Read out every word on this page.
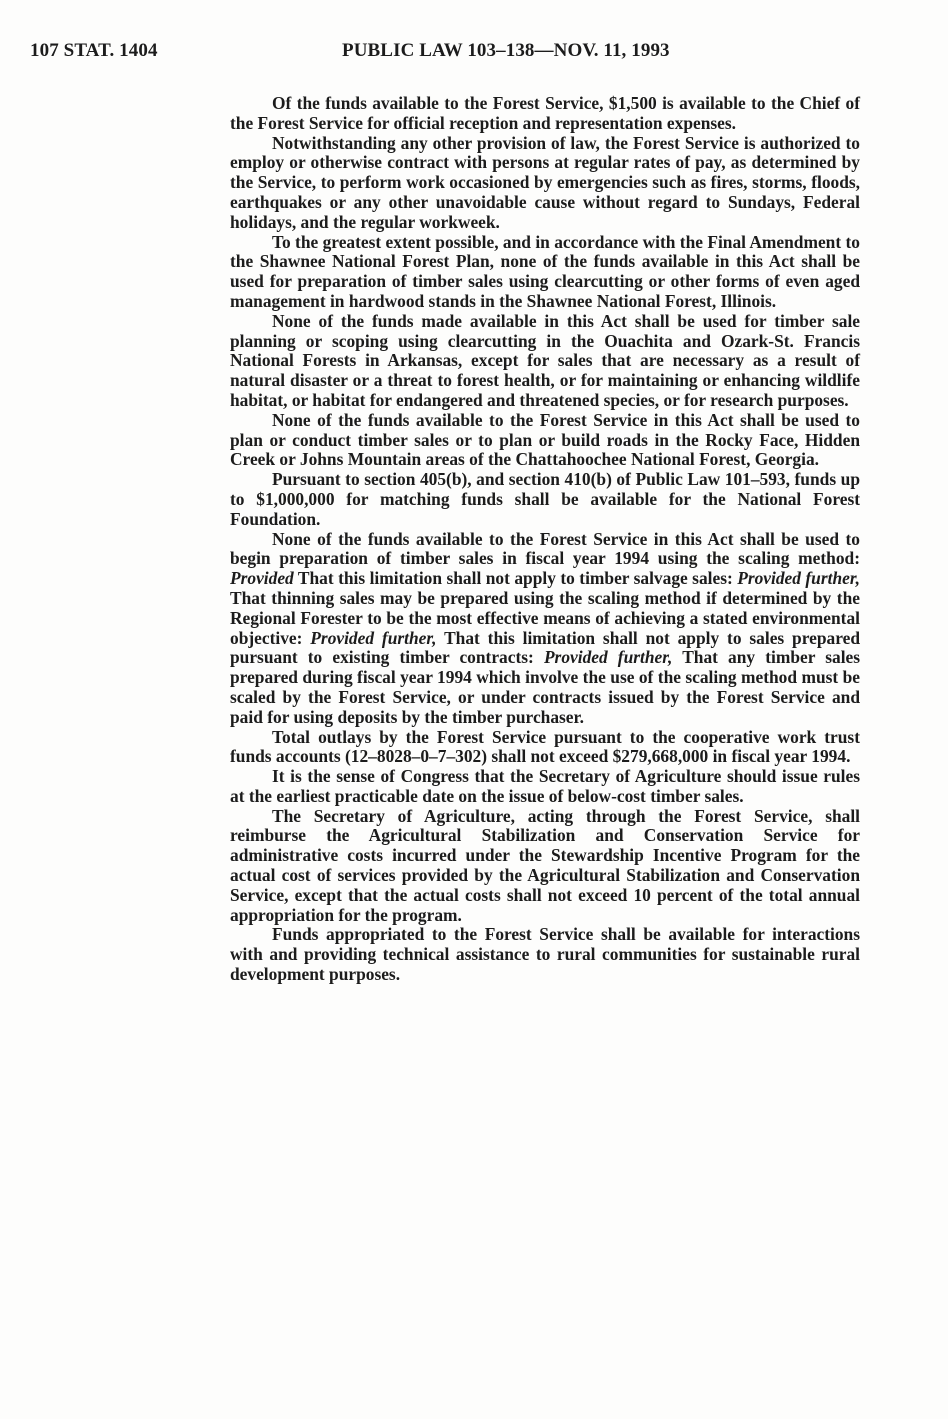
107 STAT. 1404	PUBLIC LAW 103–138—NOV. 11, 1993

Of the funds available to the Forest Service, $1,500 is available to the Chief of the Forest Service for official reception and representation expenses.

Notwithstanding any other provision of law, the Forest Service is authorized to employ or otherwise contract with persons at regular rates of pay, as determined by the Service, to perform work occasioned by emergencies such as fires, storms, floods, earthquakes or any other unavoidable cause without regard to Sundays, Federal holidays, and the regular workweek.

To the greatest extent possible, and in accordance with the Final Amendment to the Shawnee National Forest Plan, none of the funds available in this Act shall be used for preparation of timber sales using clearcutting or other forms of even aged management in hardwood stands in the Shawnee National Forest, Illinois.

None of the funds made available in this Act shall be used for timber sale planning or scoping using clearcutting in the Ouachita and Ozark-St. Francis National Forests in Arkansas, except for sales that are necessary as a result of natural disaster or a threat to forest health, or for maintaining or enhancing wildlife habitat, or habitat for endangered and threatened species, or for research purposes.

None of the funds available to the Forest Service in this Act shall be used to plan or conduct timber sales or to plan or build roads in the Rocky Face, Hidden Creek or Johns Mountain areas of the Chattahoochee National Forest, Georgia.

Pursuant to section 405(b), and section 410(b) of Public Law 101–593, funds up to $1,000,000 for matching funds shall be available for the National Forest Foundation.

None of the funds available to the Forest Service in this Act shall be used to begin preparation of timber sales in fiscal year 1994 using the scaling method: Provided That this limitation shall not apply to timber salvage sales: Provided further, That thinning sales may be prepared using the scaling method if determined by the Regional Forester to be the most effective means of achieving a stated environmental objective: Provided further, That this limitation shall not apply to sales prepared pursuant to existing timber contracts: Provided further, That any timber sales prepared during fiscal year 1994 which involve the use of the scaling method must be scaled by the Forest Service, or under contracts issued by the Forest Service and paid for using deposits by the timber purchaser.

Total outlays by the Forest Service pursuant to the cooperative work trust funds accounts (12–8028–0–7–302) shall not exceed $279,668,000 in fiscal year 1994.

It is the sense of Congress that the Secretary of Agriculture should issue rules at the earliest practicable date on the issue of below-cost timber sales.

The Secretary of Agriculture, acting through the Forest Service, shall reimburse the Agricultural Stabilization and Conservation Service for administrative costs incurred under the Stewardship Incentive Program for the actual cost of services provided by the Agricultural Stabilization and Conservation Service, except that the actual costs shall not exceed 10 percent of the total annual appropriation for the program.

Funds appropriated to the Forest Service shall be available for interactions with and providing technical assistance to rural communities for sustainable rural development purposes.
